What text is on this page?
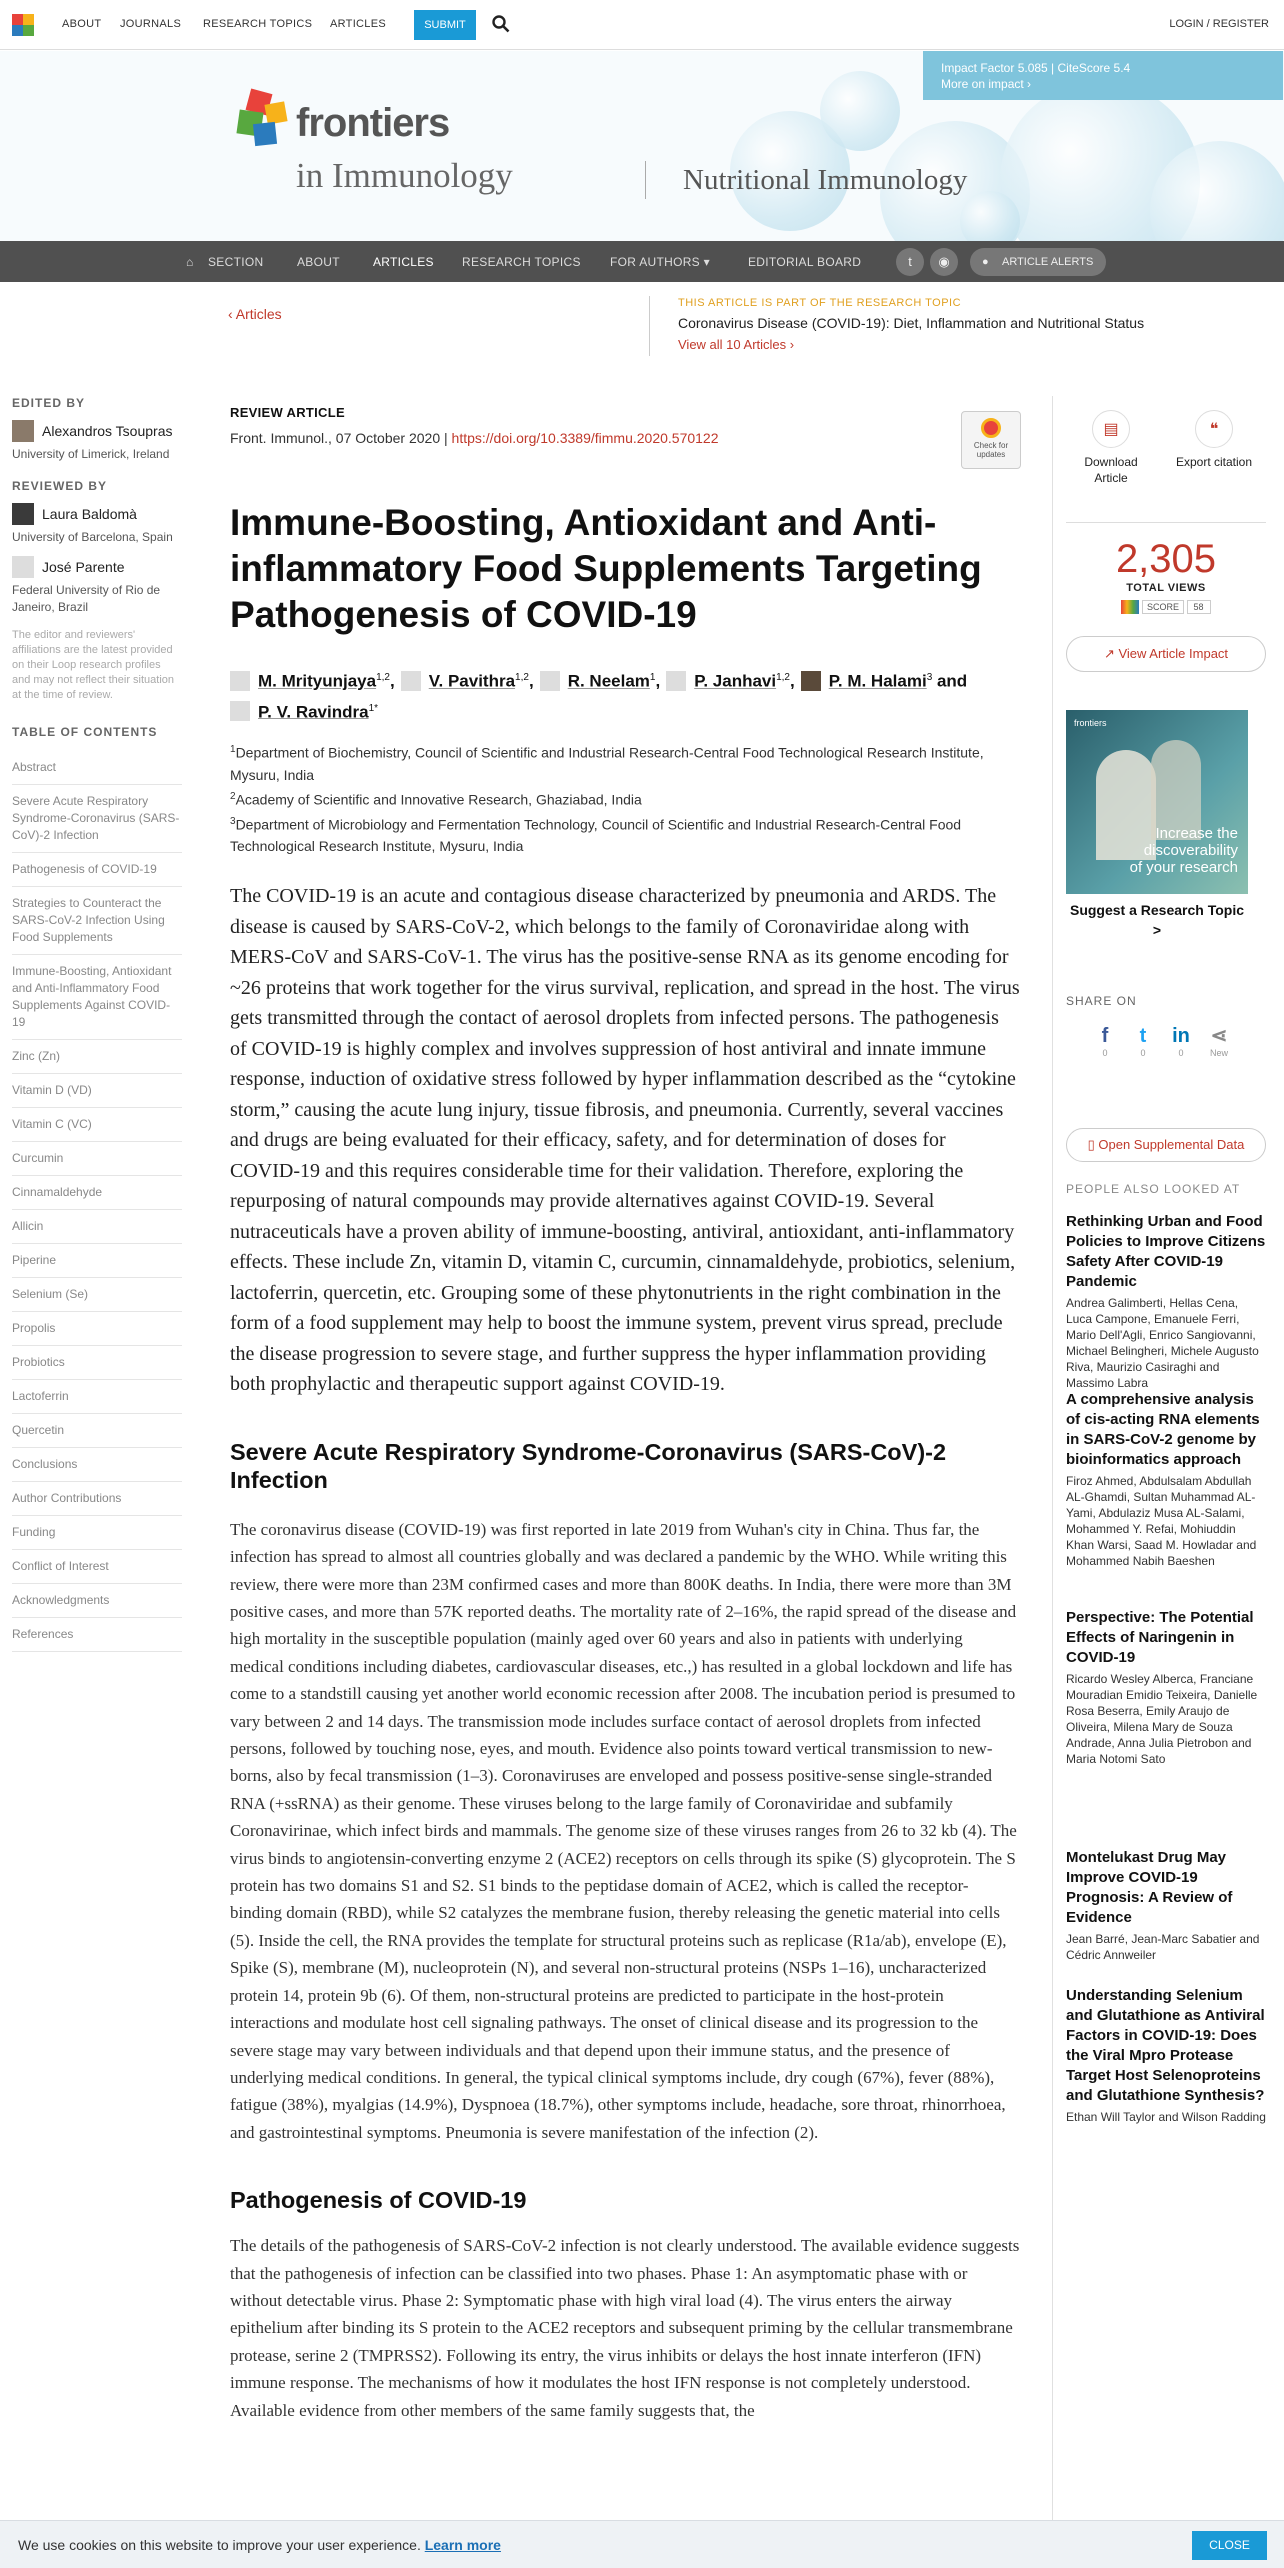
ABOUT JOURNALS RESEARCH TOPICS ARTICLES	SUBMIT	LOGIN / REGISTER
Impact Factor 5.085 | CiteScore 5.4
More on impact ›
frontiers
in Immunology	Nutritional Immunology
⌂ SECTION	ABOUT	ARTICLES RESEARCH TOPICS FOR AUTHORS ▾	EDITORIAL BOARD	t	◉	● ARTICLE ALERTS
‹ Articles
THIS ARTICLE IS PART OF THE RESEARCH TOPIC
Coronavirus Disease (COVID-19): Diet, Inflammation and Nutritional Status
View all 10 Articles ›
EDITED BY
Alexandros Tsoupras
University of Limerick, Ireland
REVIEWED BY
Laura Baldomà
University of Barcelona, Spain
José Parente
Federal University of Rio de Janeiro, Brazil
The editor and reviewers' affiliations are the latest provided on their Loop research profiles and may not reflect their situation at the time of review.
TABLE OF CONTENTS
Abstract
Severe Acute Respiratory Syndrome-Coronavirus (SARS-CoV)-2 Infection
Pathogenesis of COVID-19
Strategies to Counteract the SARS-CoV-2 Infection Using Food Supplements
Immune-Boosting, Antioxidant and Anti-Inflammatory Food Supplements Against COVID-19
Zinc (Zn)
Vitamin D (VD)
Vitamin C (VC)
Curcumin
Cinnamaldehyde
Allicin
Piperine
Selenium (Se)
Propolis
Probiotics
Lactoferrin
Quercetin
Conclusions
Author Contributions
Funding
Conflict of Interest
Acknowledgments
References
REVIEW ARTICLE
Front. Immunol., 07 October 2020 | https://doi.org/10.3389/fimmu.2020.570122	Check for updates
Immune-Boosting, Antioxidant and Anti-inflammatory Food Supplements Targeting Pathogenesis of COVID-19
M. Mrityunjaya$^{1,2}$, V. Pavithra$^{1,2}$, R. Neelam$^1$, P. Janhavi$^{1,2}$, P. M. Halami$^3$ andP. V. Ravindra$^{1*}$
$^1$Department of Biochemistry, Council of Scientific and Industrial Research-Central Food Technological Research Institute, Mysuru, India
$^2$Academy of Scientific and Innovative Research, Ghaziabad, India
$^3$Department of Microbiology and Fermentation Technology, Council of Scientific and Industrial Research-Central Food Technological Research Institute, Mysuru, India

The COVID-19 is an acute and contagious disease characterized by pneumonia and ARDS. The disease is caused by SARS-CoV-2, which belongs to the family of Coronaviridae along with MERS-CoV and SARS-CoV-1. The virus has the positive-sense RNA as its genome encoding for ~26 proteins that work together for the virus survival, replication, and spread in the host. The virus gets transmitted through the contact of aerosol droplets from infected persons. The pathogenesis of COVID-19 is highly complex and involves suppression of host antiviral and innate immune response, induction of oxidative stress followed by hyper inflammation described as the “cytokine storm,” causing the acute lung injury, tissue fibrosis, and pneumonia. Currently, several vaccines and drugs are being evaluated for their efficacy, safety, and for determination of doses for COVID-19 and this requires considerable time for their validation. Therefore, exploring the repurposing of natural compounds may provide alternatives against COVID-19. Several nutraceuticals have a proven ability of immune-boosting, antiviral, antioxidant, anti-inflammatory effects. These include Zn, vitamin D, vitamin C, curcumin, cinnamaldehyde, probiotics, selenium, lactoferrin, quercetin, etc. Grouping some of these phytonutrients in the right combination in the form of a food supplement may help to boost the immune system, prevent virus spread, preclude the disease progression to severe stage, and further suppress the hyper inflammation providing both prophylactic and therapeutic support against COVID-19.

Severe Acute Respiratory Syndrome-Coronavirus (SARS-CoV)-2 Infection

The coronavirus disease (COVID-19) was first reported in late 2019 from Wuhan's city in China. Thus far, the infection has spread to almost all countries globally and was declared a pandemic by the WHO. While writing this review, there were more than 23M confirmed cases and more than 800K deaths. In India, there were more than 3M positive cases, and more than 57K reported deaths. The mortality rate of 2–16%, the rapid spread of the disease and high mortality in the susceptible population (mainly aged over 60 years and also in patients with underlying medical conditions including diabetes, cardiovascular diseases, etc.,) has resulted in a global lockdown and life has come to a standstill causing yet another world economic recession after 2008. The incubation period is presumed to vary between 2 and 14 days. The transmission mode includes surface contact of aerosol droplets from infected persons, followed by touching nose, eyes, and mouth. Evidence also points toward vertical transmission to new-borns, also by fecal transmission (1–3). Coronaviruses are enveloped and possess positive-sense single-stranded RNA (+ssRNA) as their genome. These viruses belong to the large family of Coronaviridae and subfamily Coronavirinae, which infect birds and mammals. The genome size of these viruses ranges from 26 to 32 kb (4). The virus binds to angiotensin-converting enzyme 2 (ACE2) receptors on cells through its spike (S) glycoprotein. The S protein has two domains S1 and S2. S1 binds to the peptidase domain of ACE2, which is called the receptor-binding domain (RBD), while S2 catalyzes the membrane fusion, thereby releasing the genetic material into cells (5). Inside the cell, the RNA provides the template for structural proteins such as replicase (R1a/ab), envelope (E), Spike (S), membrane (M), nucleoprotein (N), and several non-structural proteins (NSPs 1–16), uncharacterized protein 14, protein 9b (6). Of them, non-structural proteins are predicted to participate in the host-protein interactions and modulate host cell signaling pathways. The onset of clinical disease and its progression to the severe stage may vary between individuals and that depend upon their immune status, and the presence of underlying medical conditions. In general, the typical clinical symptoms include, dry cough (67%), fever (88%), fatigue (38%), myalgias (14.9%), Dyspnoea (18.7%), other symptoms include, headache, sore throat, rhinorrhoea, and gastrointestinal symptoms. Pneumonia is severe manifestation of the infection (2).

Pathogenesis of COVID-19

The details of the pathogenesis of SARS-CoV-2 infection is not clearly understood. The available evidence suggests that the pathogenesis of infection can be classified into two phases. Phase 1: An asymptomatic phase with or without detectable virus. Phase 2: Symptomatic phase with high viral load (4). The virus enters the airway epithelium after binding its S protein to the ACE2 receptors and subsequent priming by the cellular transmembrane protease, serine 2 (TMPRSS2). Following its entry, the virus inhibits or delays the host innate interferon (IFN) immune response. The mechanisms of how it modulates the host IFN response is not completely understood. Available evidence from other members of the same family suggests that, the

▤
Download Article
❝
Export citation
2,305
TOTAL VIEWS
SCORE 58
↗ View Article Impact
frontiers
Increase the discoverability of your research
Suggest a Research Topic >
SHARE ON
f
0
t
0
in
0
⋖
New
▯ Open Supplemental Data
PEOPLE ALSO LOOKED AT
Rethinking Urban and Food Policies to Improve Citizens Safety After COVID-19 Pandemic
Andrea Galimberti, Hellas Cena, Luca Campone, Emanuele Ferri, Mario Dell'Agli, Enrico Sangiovanni, Michael Belingheri, Michele Augusto Riva, Maurizio Casiraghi and Massimo Labra
A comprehensive analysis of cis-acting RNA elements in SARS-CoV-2 genome by bioinformatics approach
Firoz Ahmed, Abdulsalam Abdullah AL-Ghamdi, Sultan Muhammad AL-Yami, Abdulaziz Musa AL-Salami, Mohammed Y. Refai, Mohiuddin Khan Warsi, Saad M. Howladar and Mohammed Nabih Baeshen
Perspective: The Potential Effects of Naringenin in COVID-19
Ricardo Wesley Alberca, Franciane Mouradian Emidio Teixeira, Danielle Rosa Beserra, Emily Araujo de Oliveira, Milena Mary de Souza Andrade, Anna Julia Pietrobon and Maria Notomi Sato
Montelukast Drug May Improve COVID-19 Prognosis: A Review of Evidence
Jean Barré, Jean-Marc Sabatier and Cédric Annweiler
Understanding Selenium and Glutathione as Antiviral Factors in COVID-19: Does the Viral Mpro Protease Target Host Selenoproteins and Glutathione Synthesis?
Ethan Will Taylor and Wilson Radding
We use cookies on this website to improve your user experience. Learn more	CLOSE
